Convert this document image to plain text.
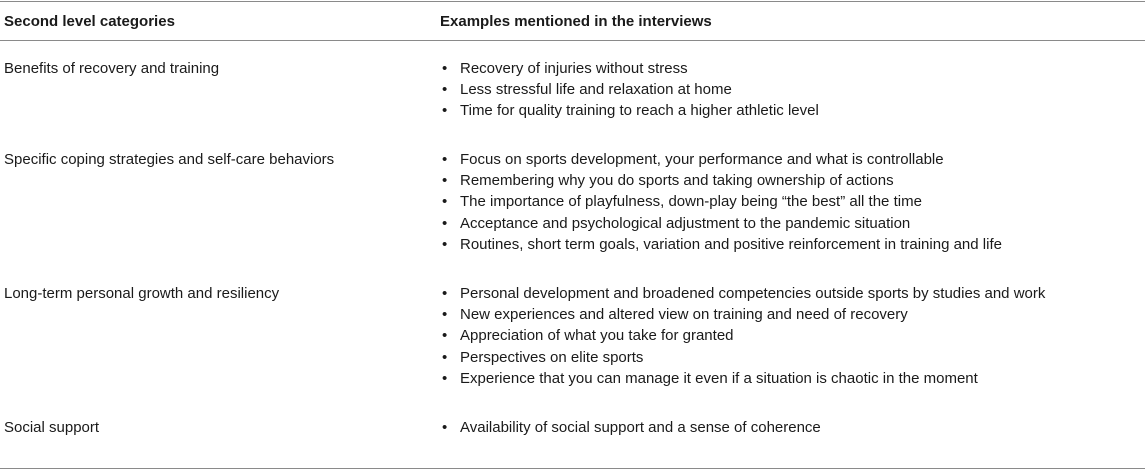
Second level categories	Examples mentioned in the interviews
Benefits of recovery and training	• Recovery of injuries without stress
• Less stressful life and relaxation at home
• Time for quality training to reach a higher athletic level
Specific coping strategies and self-care behaviors	• Focus on sports development, your performance and what is controllable
• Remembering why you do sports and taking ownership of actions
• The importance of playfulness, down-play being “the best” all the time
• Acceptance and psychological adjustment to the pandemic situation
• Routines, short term goals, variation and positive reinforcement in training and life
Long-term personal growth and resiliency	• Personal development and broadened competencies outside sports by studies and work
• New experiences and altered view on training and need of recovery
• Appreciation of what you take for granted
• Perspectives on elite sports
• Experience that you can manage it even if a situation is chaotic in the moment
Social support	• Availability of social support and a sense of coherence
